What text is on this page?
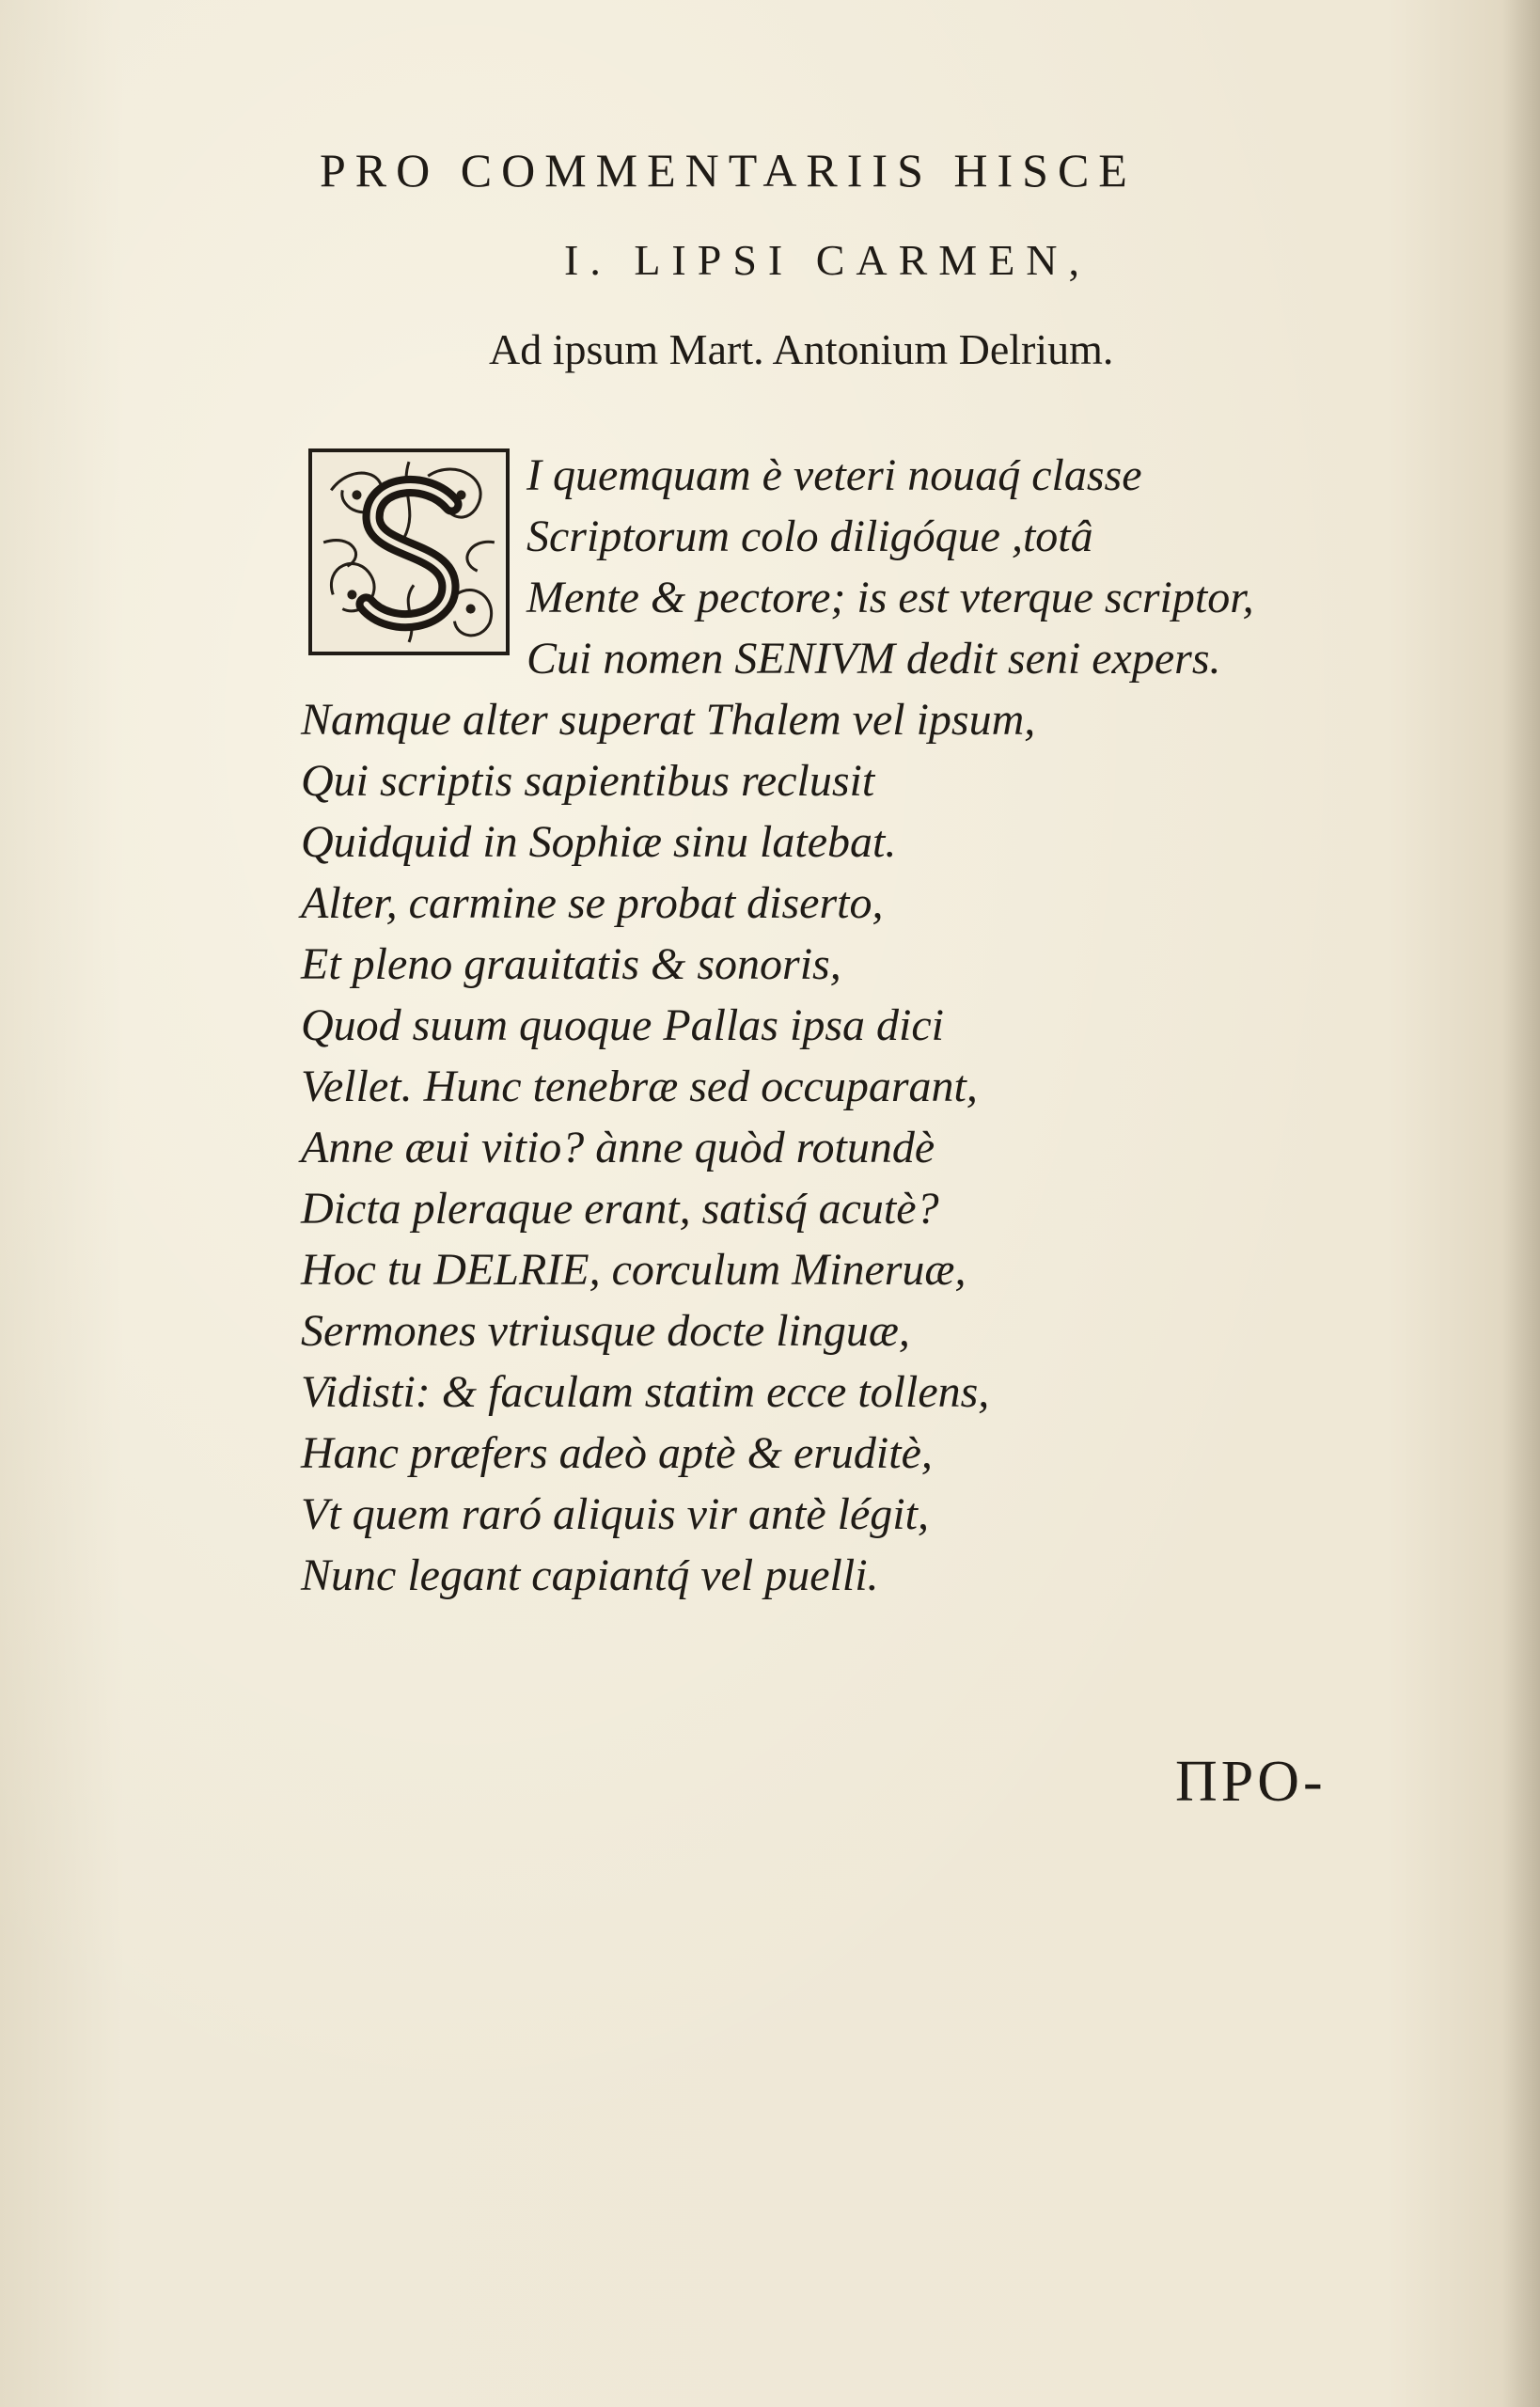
PRO COMMENTARIIS HISCE
I. LIPSI CARMEN,
Ad ipsum Mart. Antonium Delrium.
S
I quemquam è veteri nouaq́ classe
Scriptorum colo diligóque ,totâ
Mente & pectore; is est vterque scriptor,
Cui nomen SENIVM dedit seni expers.
Namque alter superat Thalem vel ipsum,
Qui scriptis sapientibus reclusit
Quidquid in Sophiæ sinu latebat.
Alter, carmine se probat diserto,
Et pleno grauitatis & sonoris,
Quod suum quoque Pallas ipsa dici
Vellet. Hunc tenebræ sed occuparant,
Anne æui vitio? ànne quòd rotundè
Dicta pleraque erant, satisq́ acutè?
Hoc tu DELRIE, corculum Mineruæ,
Sermones vtriusque docte linguæ,
Vidisti: & faculam statim ecce tollens,
Hanc præfers adeò aptè & eruditè,
Vt quem raró aliquis vir antè légit,
Nunc legant capiantq́ vel puelli.
ΠΡΟ-
